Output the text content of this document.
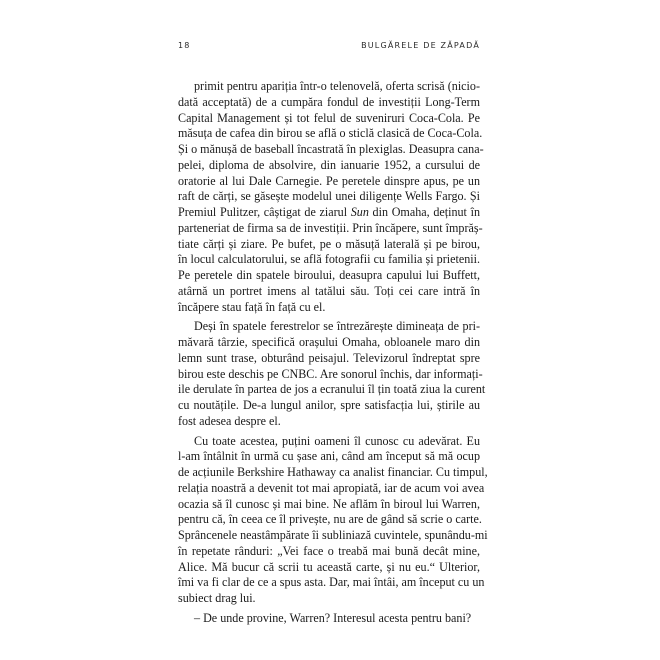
18	BULGĂRELE DE ZĂPADĂ
primit pentru apariția într-o telenovelă, oferta scrisă (nicio-
dată acceptată) de a cumpăra fondul de investiții Long-Term
Capital Management și tot felul de suveniruri Coca-Cola. Pe
măsuța de cafea din birou se află o sticlă clasică de Coca-Cola.
Și o mănușă de baseball încastrată în plexiglas. Deasupra cana-
pelei, diploma de absolvire, din ianuarie 1952, a cursului de
oratorie al lui Dale Carnegie. Pe peretele dinspre apus, pe un
raft de cărți, se găsește modelul unei diligențe Wells Fargo. Și
Premiul Pulitzer, câștigat de ziarul Sun din Omaha, deținut în
parteneriat de firma sa de investiții. Prin încăpere, sunt împrăș-
tiate cărți și ziare. Pe bufet, pe o măsuță laterală și pe birou,
în locul calculatorului, se află fotografii cu familia și prietenii.
Pe peretele din spatele biroului, deasupra capului lui Buffett,
atârnă un portret imens al tatălui său. Toți cei care intră în
încăpere stau față în față cu el.
Deși în spatele ferestrelor se întrezărește dimineața de pri-
măvară târzie, specifică orașului Omaha, obloanele maro din
lemn sunt trase, obturând peisajul. Televizorul îndreptat spre
birou este deschis pe CNBC. Are sonorul închis, dar informați-
ile derulate în partea de jos a ecranului îl țin toată ziua la curent
cu noutățile. De-a lungul anilor, spre satisfacția lui, știrile au
fost adesea despre el.
Cu toate acestea, puțini oameni îl cunosc cu adevărat. Eu
l-am întâlnit în urmă cu șase ani, când am început să mă ocup
de acțiunile Berkshire Hathaway ca analist financiar. Cu timpul,
relația noastră a devenit tot mai apropiată, iar de acum voi avea
ocazia să îl cunosc și mai bine. Ne aflăm în biroul lui Warren,
pentru că, în ceea ce îl privește, nu are de gând să scrie o carte.
Sprâncenele neastâmpărate îi subliniază cuvintele, spunându-mi
în repetate rânduri: „Vei face o treabă mai bună decât mine,
Alice. Mă bucur că scrii tu această carte, și nu eu.“ Ulterior,
îmi va fi clar de ce a spus asta. Dar, mai întâi, am început cu un
subiect drag lui.
– De unde provine, Warren? Interesul acesta pentru bani?
